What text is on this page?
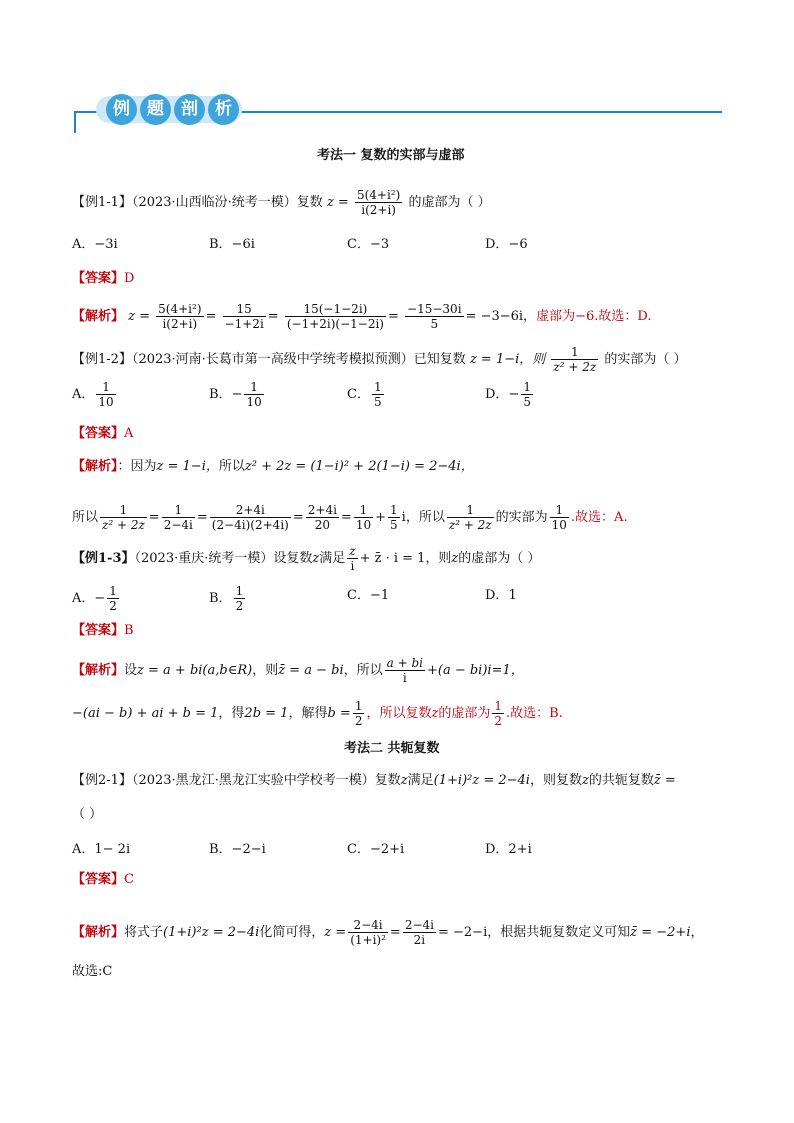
例	题	剖	析
考法一 复数的实部与虚部
【例1-1】（2023·山西临汾·统考一模）复数 $z = \frac{\text{5(4+i²)}}{i(2+i)}$ 的虚部为（ ）
A．−3i	B．−6i	C．−3	D．−6
【答案】D
【解析】 $z = \frac{\text{5(4+i²)}}{i(2+i)} = \frac{15}{-1+2i} = \frac{15(-1-2i)}{(-1+2i)(-1-2i)} = \frac{-15-30i}{5} = -3-6i$，虚部为−6.故选：D.
【例1-2】（2023·河南·长葛市第一高级中学统考模拟预测）已知复数 z = 1−i，则 $\frac{1}{\text{z² + 2z}}$ 的实部为（ ）
A． $\frac{1}{10}$	B．− $\frac{1}{10}$	C． $\frac{1}{5}$	D．− $\frac{1}{5}$
【答案】A
【解析】：因为z = 1−i，所以z² + 2z = (1−i)² + 2(1−i) = 2−4i，
所以 $\frac{1}{\text{z² + 2z}} = \frac{1}{2-4i} = \frac{2+4i}{(2-4i)(2+4i)} = \frac{2+4i}{20} = \frac{1}{10} + \frac{1}{5}$ i，所以 $\frac{1}{\text{z² + 2z}}$ 的实部为 $\frac{1}{10}$ .故选：A.
【例1-3】（2023·重庆·统考一模）设复数z满足 $\frac{z}{i}$ + z̄ · i = 1，则z的虚部为（ ）
A．− $\frac{1}{2}$	B． $\frac{1}{2}$	C．−1	D．1
【答案】B
【解析】设z = a + bi(a,b∈R)，则z̄ = a − bi，所以 $\frac{a + bi}{i} +(a - bi)i=1$，
−(ai − b) + ai + b = 1，得2b = 1，解得$b = \frac{1}{2}$ ，所以复数z的虚部为 $\frac{1}{2}$ .故选：B.
考法二 共轭复数
【例2-1】（2023·黑龙江·黑龙江实验中学校考一模）复数z满足(1+i)²z = 2−4i，则复数z的共轭复数z̄ =
（ ）
A．1− 2i	B．−2−i	C．−2+i	D．2+i
【答案】C
【解析】将式子(1+i)²z = 2−4i化简可得，$z = \frac{2-4i}{\text{(1+i)²}} = \frac{2-4i}{2i} = -2-i$，根据共轭复数定义可知z̄ = −2+i，
故选:C
